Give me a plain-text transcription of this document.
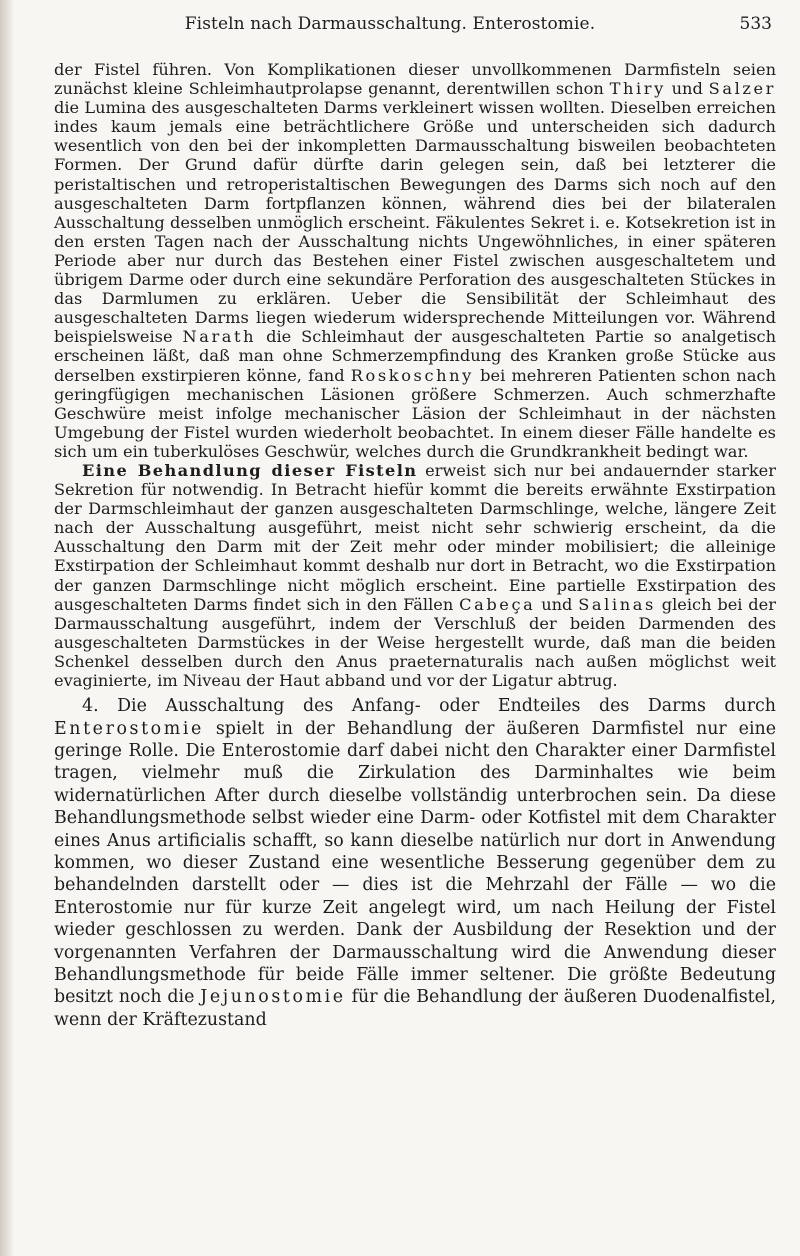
Fisteln nach Darmausschaltung. Enterostomie.	533

der Fistel führen. Von Komplikationen dieser unvollkommenen Darmfisteln seien zunächst kleine Schleimhautprolapse genannt, derentwillen schon Thiry und Salzer die Lumina des ausgeschalteten Darms verkleinert wissen wollten. Dieselben erreichen indes kaum jemals eine beträchtlichere Größe und unterscheiden sich dadurch wesentlich von den bei der inkompletten Darmausschaltung bisweilen beobachteten Formen. Der Grund dafür dürfte darin gelegen sein, daß bei letzterer die peristaltischen und retroperistaltischen Bewegungen des Darms sich noch auf den ausgeschalteten Darm fortpflanzen können, während dies bei der bilateralen Ausschaltung desselben unmöglich erscheint. Fäkulentes Sekret i. e. Kotsekretion ist in den ersten Tagen nach der Ausschaltung nichts Ungewöhnliches, in einer späteren Periode aber nur durch das Bestehen einer Fistel zwischen ausgeschaltetem und übrigem Darme oder durch eine sekundäre Perforation des ausgeschalteten Stückes in das Darmlumen zu erklären. Ueber die Sensibilität der Schleimhaut des ausgeschalteten Darms liegen wiederum widersprechende Mitteilungen vor. Während beispielsweise Narath die Schleimhaut der ausgeschalteten Partie so analgetisch erscheinen läßt, daß man ohne Schmerzempfindung des Kranken große Stücke aus derselben exstirpieren könne, fand Roskoschny bei mehreren Patienten schon nach geringfügigen mechanischen Läsionen größere Schmerzen. Auch schmerzhafte Geschwüre meist infolge mechanischer Läsion der Schleimhaut in der nächsten Umgebung der Fistel wurden wiederholt beobachtet. In einem dieser Fälle handelte es sich um ein tuberkulöses Geschwür, welches durch die Grundkrankheit bedingt war.

Eine Behandlung dieser Fisteln erweist sich nur bei andauernder starker Sekretion für notwendig. In Betracht hiefür kommt die bereits erwähnte Exstirpation der Darmschleimhaut der ganzen ausgeschalteten Darmschlinge, welche, längere Zeit nach der Ausschaltung ausgeführt, meist nicht sehr schwierig erscheint, da die Ausschaltung den Darm mit der Zeit mehr oder minder mobilisiert; die alleinige Exstirpation der Schleimhaut kommt deshalb nur dort in Betracht, wo die Exstirpation der ganzen Darmschlinge nicht möglich erscheint. Eine partielle Exstirpation des ausgeschalteten Darms findet sich in den Fällen Cabeça und Salinas gleich bei der Darmausschaltung ausgeführt, indem der Verschluß der beiden Darmenden des ausgeschalteten Darmstückes in der Weise hergestellt wurde, daß man die beiden Schenkel desselben durch den Anus praeternaturalis nach außen möglichst weit evaginierte, im Niveau der Haut abband und vor der Ligatur abtrug.

4. Die Ausschaltung des Anfang- oder Endteiles des Darms durch Enterostomie spielt in der Behandlung der äußeren Darmfistel nur eine geringe Rolle. Die Enterostomie darf dabei nicht den Charakter einer Darmfistel tragen, vielmehr muß die Zirkulation des Darminhaltes wie beim widernatürlichen After durch dieselbe vollständig unterbrochen sein. Da diese Behandlungsmethode selbst wieder eine Darm- oder Kotfistel mit dem Charakter eines Anus artificialis schafft, so kann dieselbe natürlich nur dort in Anwendung kommen, wo dieser Zustand eine wesentliche Besserung gegenüber dem zu behandelnden darstellt oder — dies ist die Mehrzahl der Fälle — wo die Enterostomie nur für kurze Zeit angelegt wird, um nach Heilung der Fistel wieder geschlossen zu werden. Dank der Ausbildung der Resektion und der vorgenannten Verfahren der Darmausschaltung wird die Anwendung dieser Behandlungsmethode für beide Fälle immer seltener. Die größte Bedeutung besitzt noch die Jejunostomie für die Behandlung der äußeren Duodenalfistel, wenn der Kräftezustand
